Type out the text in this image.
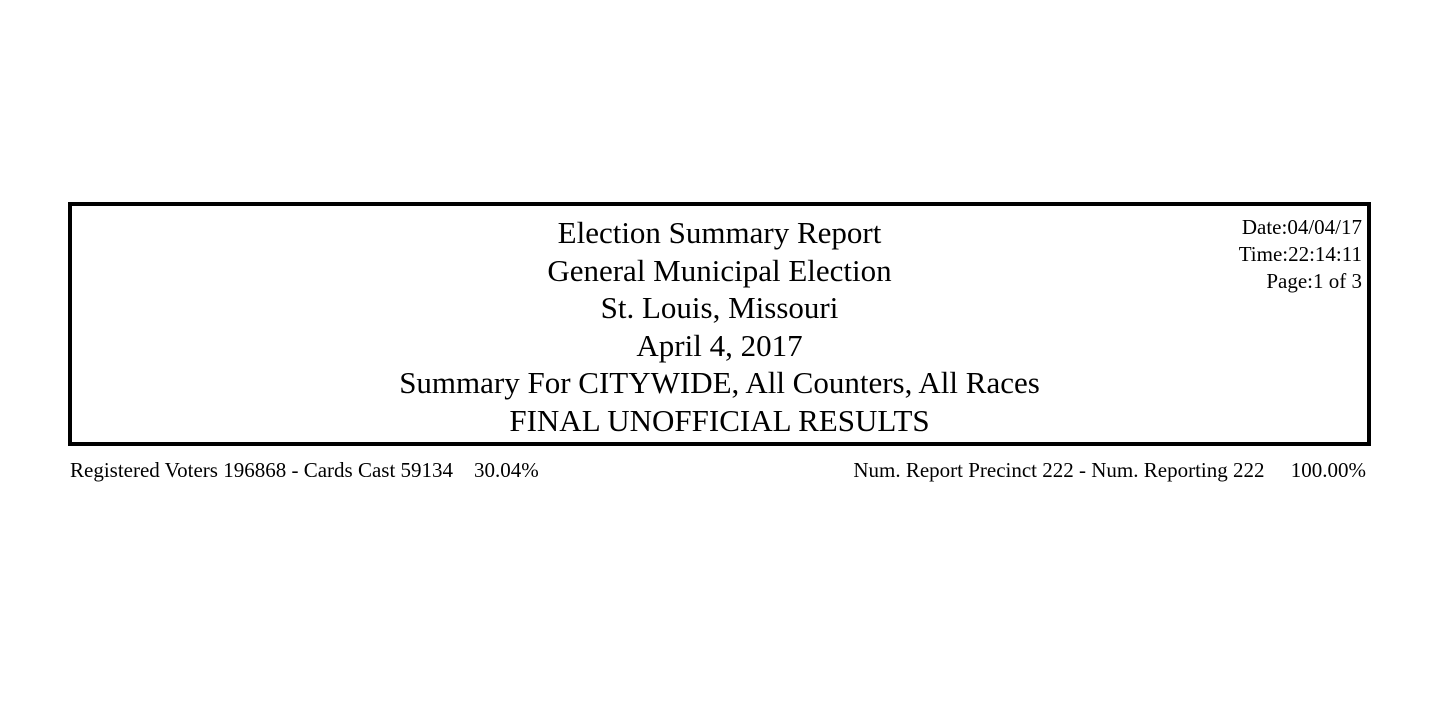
Election Summary Report
General Municipal Election
St. Louis, Missouri
April 4, 2017
Summary For CITYWIDE, All Counters, All Races
FINAL UNOFFICIAL RESULTS
Date:04/04/17
Time:22:14:11
Page:1 of 3
Registered Voters 196868 - Cards Cast 59134    30.04%	Num. Report Precinct 222 - Num. Reporting 222     100.00%
